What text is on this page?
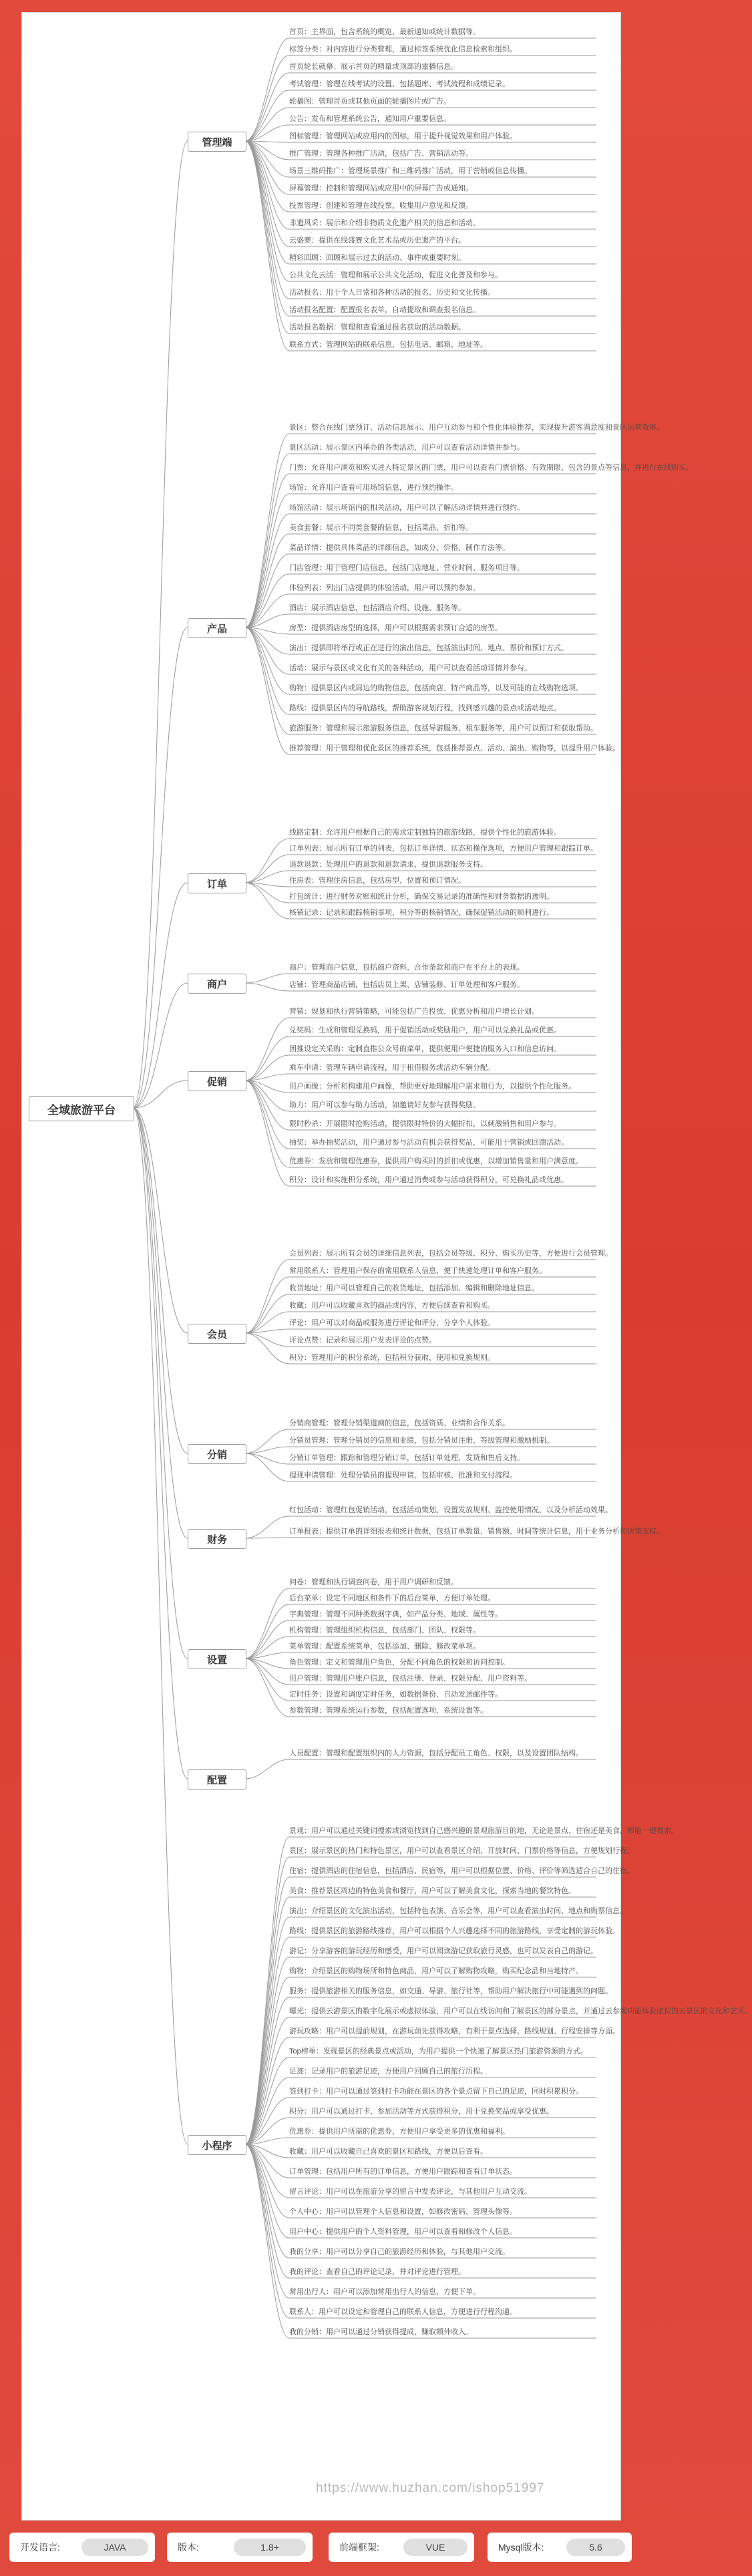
全域旅游平台
管理端
产品
订单
商户
促销
会员
分销
财务
设置
配置
小程序
首页：主界面，包含系统的概览、最新通知或统计数据等。
标签分类：对内容进行分类管理，通过标签系统优化信息检索和组织。
首页轮长就幕：展示首页的精量或顶部的重播信息。
考试管理：管理在线考试的设置、包括题库、考试流程和成绩记录。
轮播图：管理首页或其他页面的轮播图片或广告。
公告：发布和管理系统公告，通知用户重要信息。
图标管理：管理网站或应用内的图标，用于提升视觉效果和用户体验。
推广管理：管理各种推广活动，包括广告、营销活动等。
场景三维码推广：管理场景推广和三维码推广活动，用于营销或信息传播。
屏幕管理：控制和管理网站或应用中的屏幕广告或通知。
投票管理：创建和管理在线投票，收集用户意见和反馈。
非遗风采：展示和介绍非物质文化遗产相关的信息和活动。
云盛赛：提供在线盛赛文化艺术品或历史遗产的平台。
精彩回顾：回顾和展示过去的活动、事件或重要时刻。
公共文化云活：管理和展示公共文化活动，促进文化普及和参与。
活动报名：用于个人日常和各种活动的报名、历史和文化传播。
活动报名配置：配置报名表单，自动提取和调查报名信息。
活动报名数据：管理和查看通过报名获取的活动数据。
联系方式：管理网站的联系信息，包括电话、邮箱、地址等。
景区：整合在线门票预订、活动信息展示、用户互动参与和个性化体验推荐，实现提升游客满意度和景区运营效率。
景区活动：展示景区内举办的各类活动，用户可以查看活动详情并参与。
门票：允许用户浏览和购买进入特定景区的门票，用户可以查看门票价格、有效期限、包含的景点等信息，并进行在线购买。
场馆：允许用户查看可用场馆信息，进行预约操作。
场馆活动：展示场馆内的相关活动，用户可以了解活动详情并进行预约。
美食套餐：展示不同类套餐的信息，包括菜品、折扣等。
菜品详情：提供具体菜品的详细信息，如成分、价格、制作方法等。
门店管理：用于管理门店信息，包括门店地址、营业时间、服务项目等。
体验列表：列出门店提供的体验活动，用户可以预约参加。
酒店：展示酒店信息，包括酒店介绍、设施、服务等。
房型：提供酒店房型的选择，用户可以根据需求预订合适的房型。
演出：提供即将举行或正在进行的演出信息，包括演出时间、地点、票价和预订方式。
活动：展示与景区或文化有关的各种活动，用户可以查看活动详情并参与。
购物：提供景区内或周边的购物信息，包括商店、特产商品等，以及可能的在线购物选项。
路线：提供景区内的导航路线，帮助游客规划行程，找到感兴趣的景点或活动地点。
旅游服务：管理和展示旅游服务信息，包括导游服务、租车服务等，用户可以预订和获取帮助。
推荐管理：用于管理和优化景区的推荐系统，包括推荐景点、活动、演出、购物等，以提升用户体验。
线路定制：允许用户根据自己的需求定制独特的旅游线路，提供个性化的旅游体验。
订单列表：展示所有订单的列表，包括订单详情、状态和操作选项，方便用户管理和跟踪订单。
退款退款：处理用户的退款和退款请求，提供退款服务支持。
住房表：管理住房信息，包括房型、位置和预订情况。
打包统计：进行财务对账和统计分析，确保交易记录的准确性和财务数据的透明。
核销记录：记录和跟踪核销事项，积分等的核销情况，确保促销活动的顺利进行。
商户：管理商户信息，包括商户资料、合作条款和商户在平台上的表现。
店铺：管理商品店铺，包括店员上架、店铺装修、订单处理和客户服务。
营销：规划和执行营销策略，可能包括广告投放、优惠分析和用户增长计划。
兑奖码：生成和管理兑换码，用于促销活动或奖励用户，用户可以兑换礼品或优惠。
团推设定关采购：定制直推公众号的菜单，提供便用户便捷的服务入口和信息访问。
乘车申请：管理车辆申请流程，用于租借服务或活动车辆分配。
用户画像：分析和构建用户画像，帮助更好地理解用户需求和行为，以提供个性化服务。
助力：用户可以参与助力活动，如邀请好友参与获得奖励。
限时秒杀：开展限时抢购活动，提供限时特价的大幅折扣，以刺激销售和用户参与。
抽奖：举办抽奖活动，用户通过参与活动有机会获得奖品，可能用于营销或回馈活动。
优惠券：发放和管理优惠券，提供用户购买时的折扣或优惠，以增加销售量和用户满意度。
积分：设计和实施积分系统，用户通过消费或参与活动获得积分，可兑换礼品或优惠。
会员列表：展示所有会员的详细信息列表，包括会员等级、积分、购买历史等，方便进行会员管理。
常用联系人：管理用户保存的常用联系人信息，便于快速处理订单和客户服务。
收货地址：用户可以管理自己的收货地址，包括添加、编辑和删除地址信息。
收藏：用户可以收藏喜欢的商品或内容，方便后续查看和购买。
评论：用户可以对商品或服务进行评论和评分，分享个人体验。
评论点赞：记录和展示用户发表评论的点赞。
积分：管理用户的积分系统，包括积分获取、使用和兑换规则。
分销商管理：管理分销渠道商的信息，包括资质、业绩和合作关系。
分销员管理：管理分销员的信息和业绩，包括分销员注册、等级管理和激励机制。
分销订单管理：跟踪和管理分销订单，包括订单处理、发货和售后支持。
提现申请管理：处理分销员的提现申请，包括审核、批准和支付流程。
红包活动：管理红包促销活动，包括活动策划、设置发放规则、监控使用情况，以及分析活动效果。
订单报表：提供订单的详细报表和统计数据，包括订单数量、销售额、时间等统计信息，用于业务分析和决策支持。
问卷：管理和执行调查问卷，用于用户调研和反馈。
后台菜单：设定不同地区和条件下的后台菜单，方便订单处理。
字典管理：管理不同种类数据字典，如产品分类、地域、属性等。
机构管理：管理组织机构信息，包括部门、团队、权限等。
菜单管理：配置系统菜单，包括添加、删除、修改菜单项。
角色管理：定义和管理用户角色，分配不同角色的权限和访问控制。
用户管理：管理用户账户信息，包括注册、登录、权限分配、用户资料等。
定时任务：设置和调度定时任务，如数据备份、自动发送邮件等。
参数管理：管理系统运行参数，包括配置选项、系统设置等。
人员配置：管理和配置组织内的人力资源，包括分配员工角色、权限，以及设置团队结构。
景观：用户可以通过关键词搜索或浏览找到自己感兴趣的景观旅游目的地，无论是景点、住宿还是美食，都能一键搜索。
景区：展示景区的热门和特色景区，用户可以查看景区介绍、开放时间、门票价格等信息，方便规划行程。
住宿：提供酒店的住宿信息，包括酒店、民宿等，用户可以根据位置、价格、评价等筛选适合自己的住宿。
美食：推荐景区周边的特色美食和餐厅，用户可以了解美食文化，探索当地的餐饮特色。
演出：介绍景区的文化演出活动，包括特色表演、音乐会等，用户可以查看演出时间、地点和购票信息。
路线：提供景区的旅游路线推荐，用户可以根据个人兴趣选择不同的旅游路线，享受定制的游玩体验。
游记：分享游客的游玩经历和感受，用户可以阅读游记获取旅行灵感，也可以发表自己的游记。
购物：介绍景区的购物场所和特色商品，用户可以了解购物攻略，购买纪念品和当地特产。
服务：提供旅游相关的服务信息，如交通、导游、旅行社等，帮助用户解决旅行中可能遇到的问题。
曝光：提供云游景区的数字化展示或虚拟体验，用户可以在线访问和了解景区的部分景点，并通过云参观功能体验虚拟的云景区的文化和艺术。
游玩攻略：用户可以提前规划，在游玩前先获得攻略，有利于景点选择、路线规划、行程安排等方面。
Top榜单：发现景区的经典景点或活动，为用户提供一个快速了解景区热门旅游资源的方式。
足迹：记录用户的旅游足迹，方便用户回顾自己的旅行历程。
签到打卡：用户可以通过签到打卡功能在景区的各个景点留下自己的足迹，同时积累积分。
积分：用户可以通过打卡、参加活动等方式获得积分，用于兑换奖品或享受优惠。
优惠券：提供用户所需的优惠券，方便用户享受更多的优惠和福利。
收藏：用户可以收藏自己喜欢的景区和路线，方便以后查看。
订单管理：包括用户所有的订单信息，方便用户跟踪和查看订单状态。
留言评论：用户可以在旅游分享的留言中发表评论，与其他用户互动交流。
个人中心：用户可以管理个人信息和设置，如修改密码、管理头像等。
用户中心：提供用户的个人资料管理，用户可以查看和修改个人信息。
我的分享：用户可以分享自己的旅游经历和体验，与其他用户交流。
我的评论：查看自己的评论记录，并对评论进行管理。
常用出行人：用户可以添加常用出行人的信息，方便下单。
联系人：用户可以设定和管理自己的联系人信息，方便进行行程沟通。
我的分销：用户可以通过分销获得提成，赚取额外收入。
https://www.huzhan.com/ishop51997
开发语言:	JAVA	版本:	1.8+	前端框架:	VUE	Mysql版本:	5.6
